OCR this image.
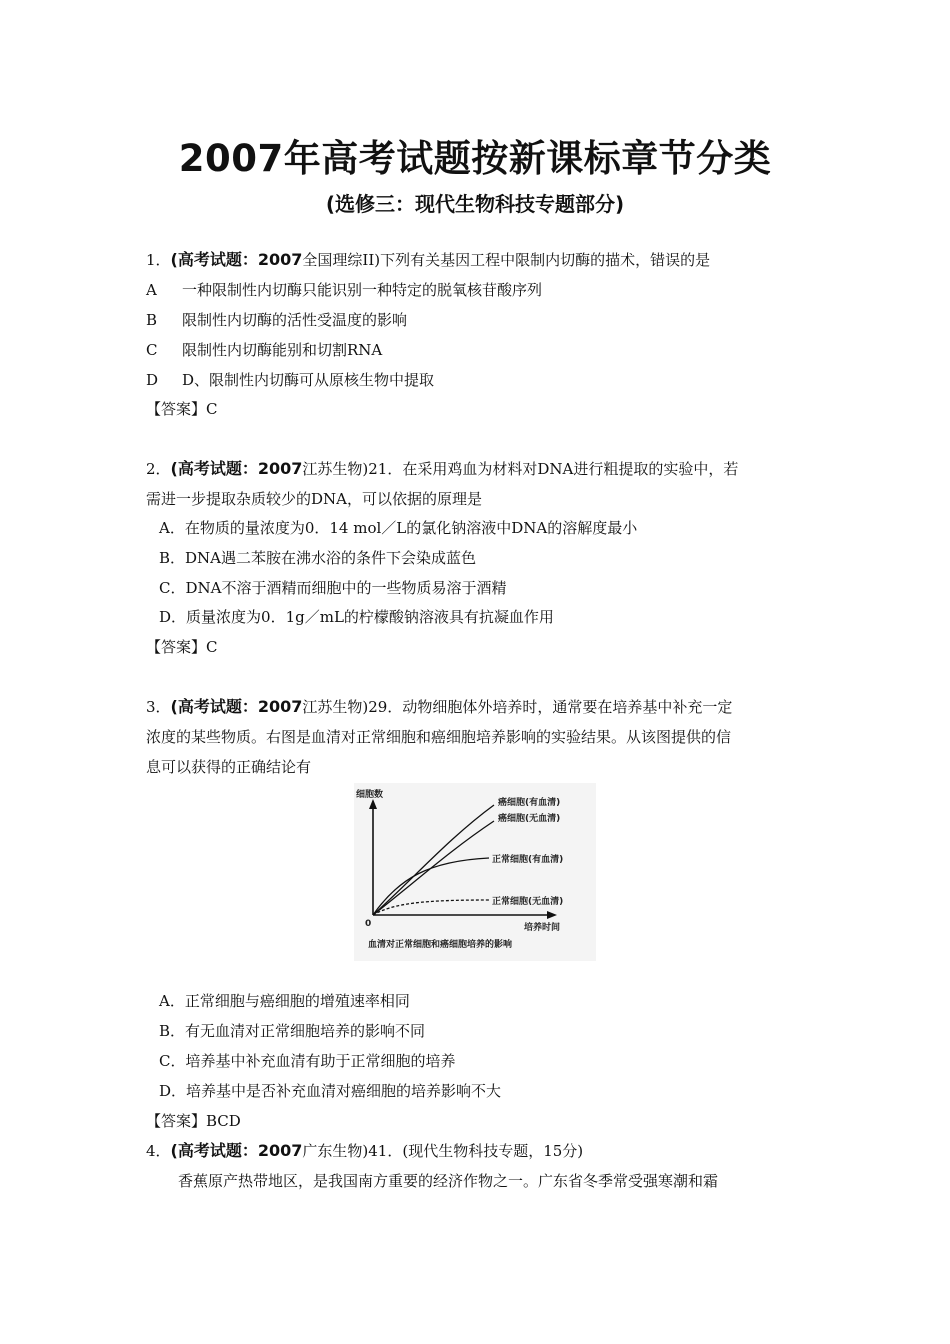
2007年高考试题按新课标章节分类
(选修三：现代生物科技专题部分)
1．(高考试题：2007全国理综II)下列有关基因工程中限制内切酶的描术，错误的是
A 一种限制性内切酶只能识别一种特定的脱氧核苷酸序列
B 限制性内切酶的活性受温度的影响
C 限制性内切酶能别和切割RNA
D D、限制性内切酶可从原核生物中提取
【答案】C
2．(高考试题：2007江苏生物)21．在采用鸡血为材料对DNA进行粗提取的实验中，若
需进一步提取杂质较少的DNA，可以依据的原理是
A．在物质的量浓度为0．14 mol／L的氯化钠溶液中DNA的溶解度最小
B．DNA遇二苯胺在沸水浴的条件下会染成蓝色
C．DNA不溶于酒精而细胞中的一些物质易溶于酒精
D．质量浓度为0．1g／mL的柠檬酸钠溶液具有抗凝血作用
【答案】C
3．(高考试题：2007江苏生物)29．动物细胞体外培养时，通常要在培养基中补充一定
浓度的某些物质。右图是血清对正常细胞和癌细胞培养影响的实验结果。从该图提供的信
息可以获得的正确结论有
细胞数
0	培养时间
癌细胞(有血清)
癌细胞(无血清)
正常细胞(有血清)
正常细胞(无血清)
血清对正常细胞和癌细胞培养的影响
A．正常细胞与癌细胞的增殖速率相同
B．有无血清对正常细胞培养的影响不同
C．培养基中补充血清有助于正常细胞的培养
D．培养基中是否补充血清对癌细胞的培养影响不大
【答案】BCD
4．(高考试题：2007广东生物)41．(现代生物科技专题，15分)
香蕉原产热带地区，是我国南方重要的经济作物之一。广东省冬季常受强寒潮和霜
